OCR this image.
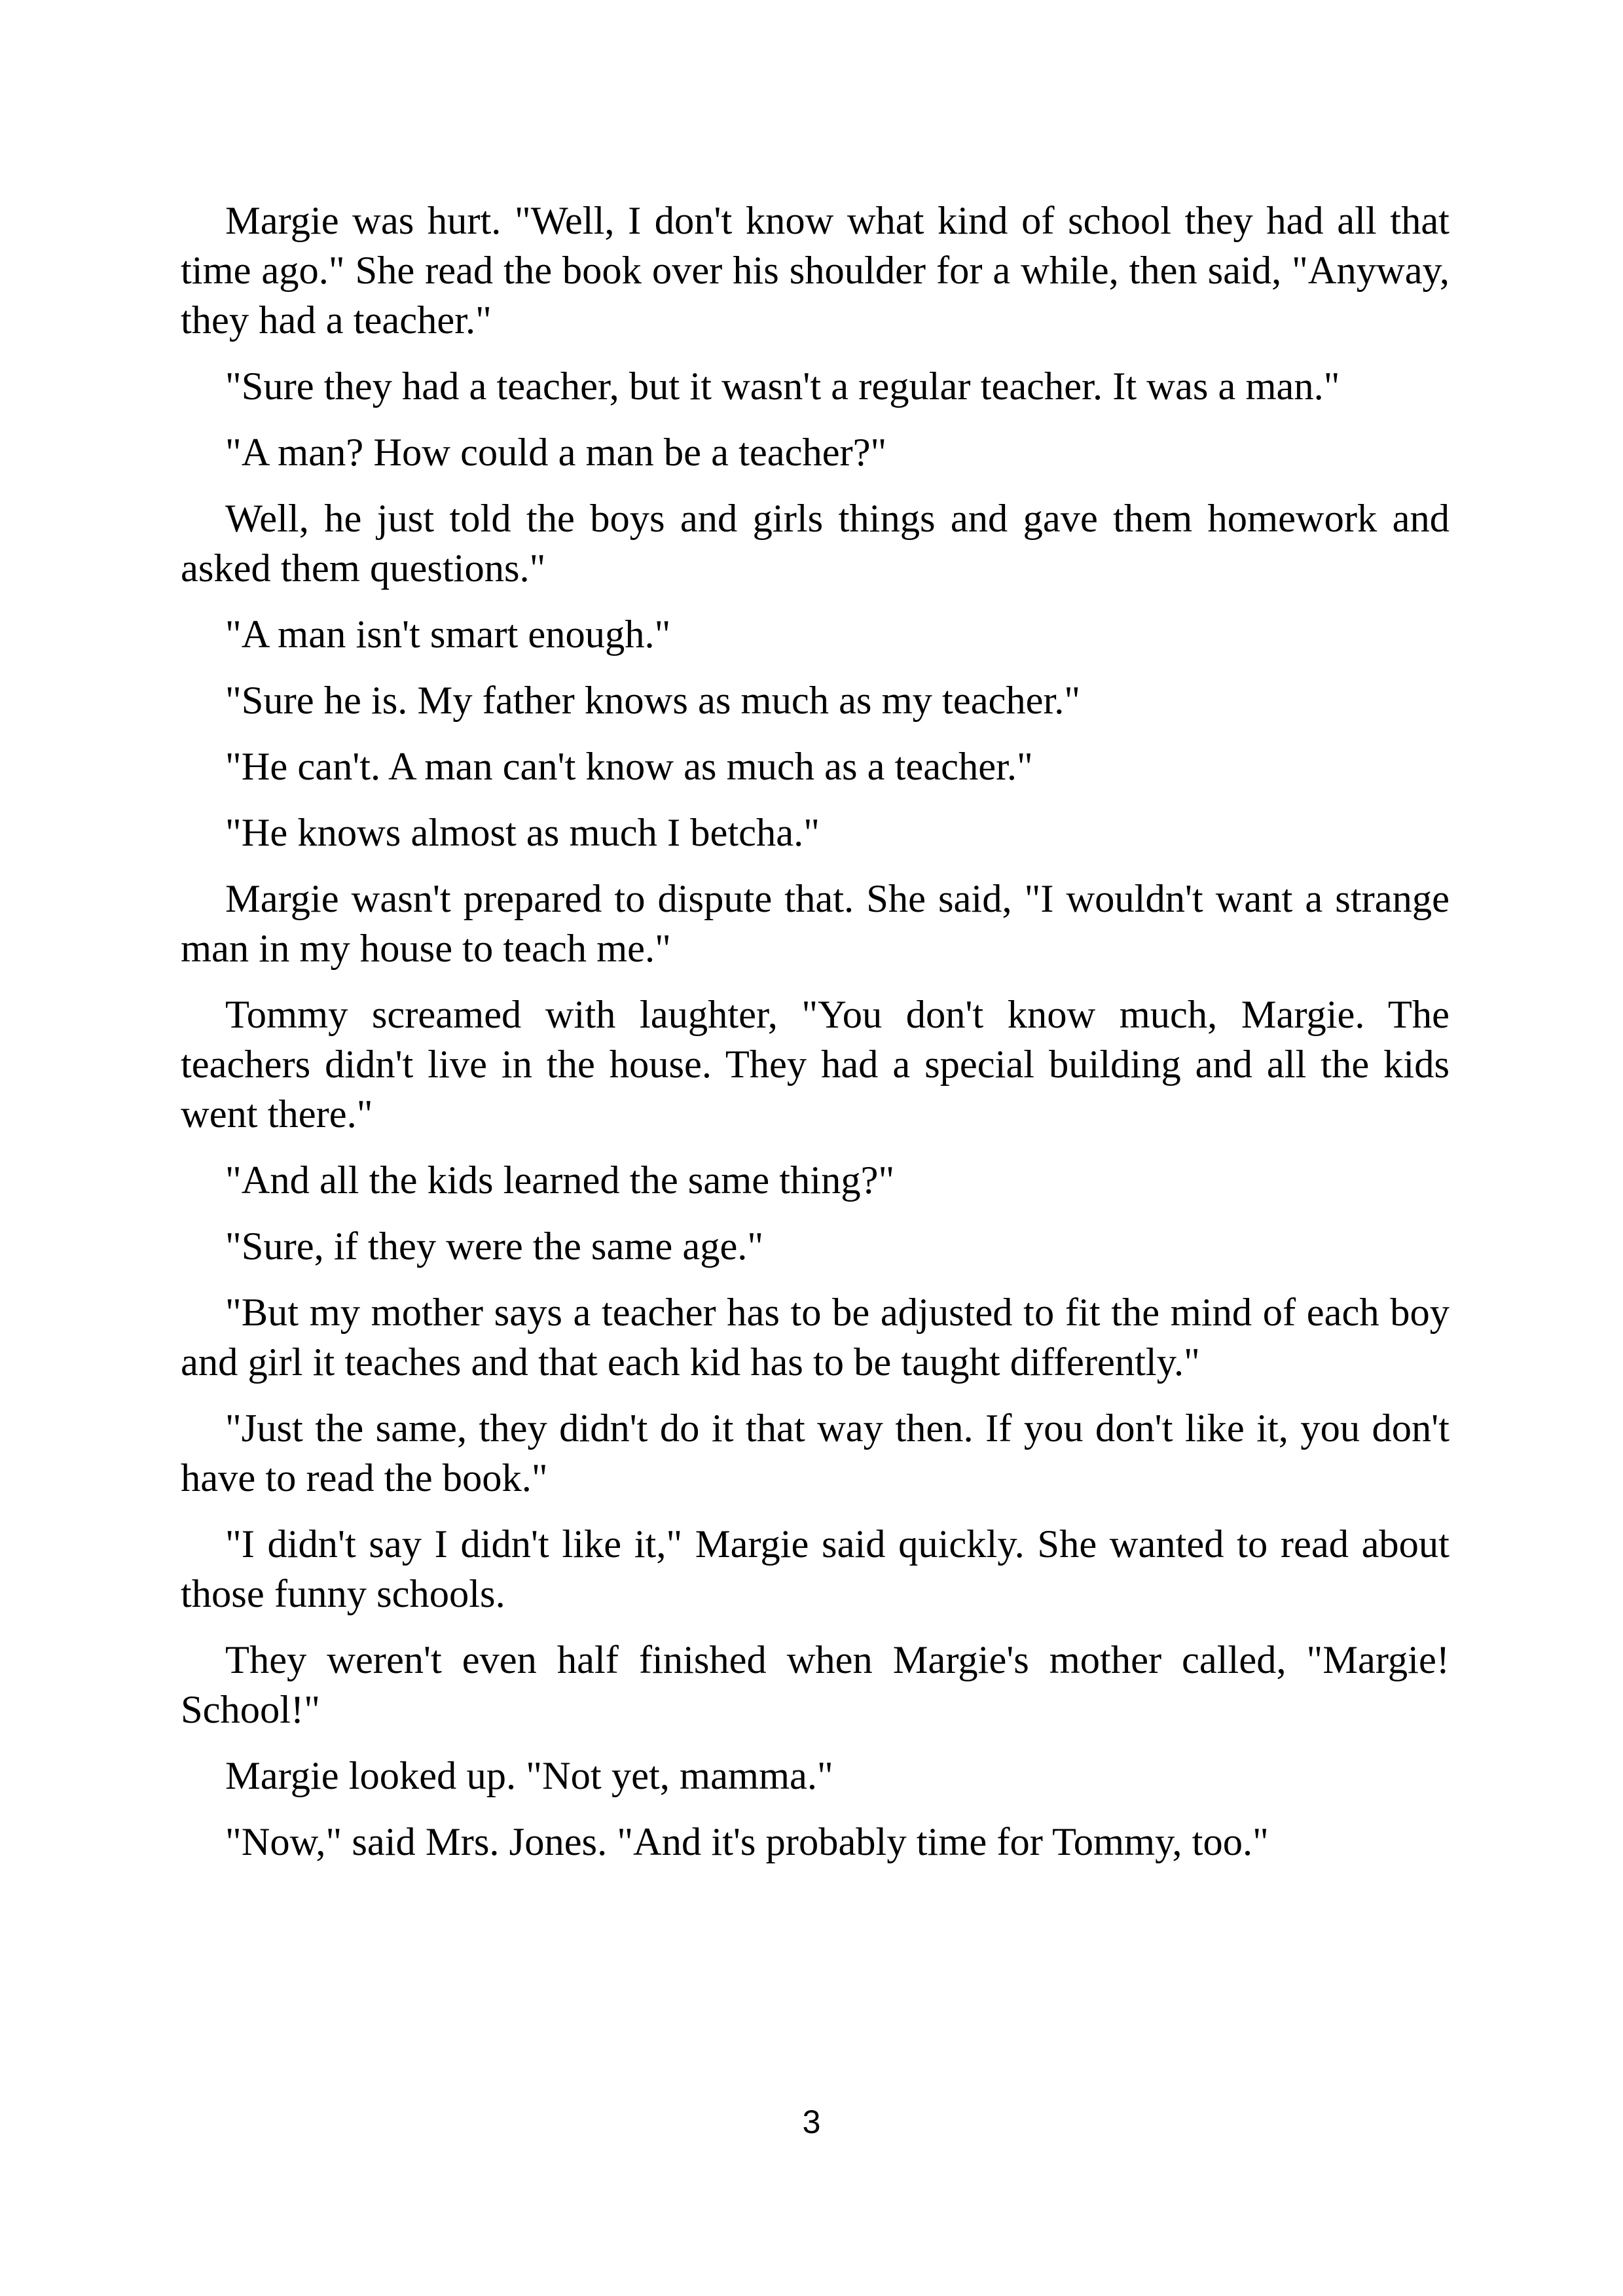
Margie was hurt. "Well, I don't know what kind of school they had all that time ago." She read the book over his shoulder for a while, then said, "Anyway, they had a teacher."

"Sure they had a teacher, but it wasn't a regular teacher. It was a man."

"A man? How could a man be a teacher?"

Well, he just told the boys and girls things and gave them homework and asked them questions."

"A man isn't smart enough."

"Sure he is. My father knows as much as my teacher."

"He can't. A man can't know as much as a teacher."

"He knows almost as much I betcha."

Margie wasn't prepared to dispute that. She said, "I wouldn't want a strange man in my house to teach me."

Tommy screamed with laughter, "You don't know much, Margie. The teachers didn't live in the house. They had a special building and all the kids went there."

"And all the kids learned the same thing?"

"Sure, if they were the same age."

"But my mother says a teacher has to be adjusted to fit the mind of each boy and girl it teaches and that each kid has to be taught differently."

"Just the same, they didn't do it that way then. If you don't like it, you don't have to read the book."

"I didn't say I didn't like it," Margie said quickly. She wanted to read about those funny schools.

They weren't even half finished when Margie's mother called, "Margie! School!"

Margie looked up. "Not yet, mamma."

"Now," said Mrs. Jones. "And it's probably time for Tommy, too."

3
